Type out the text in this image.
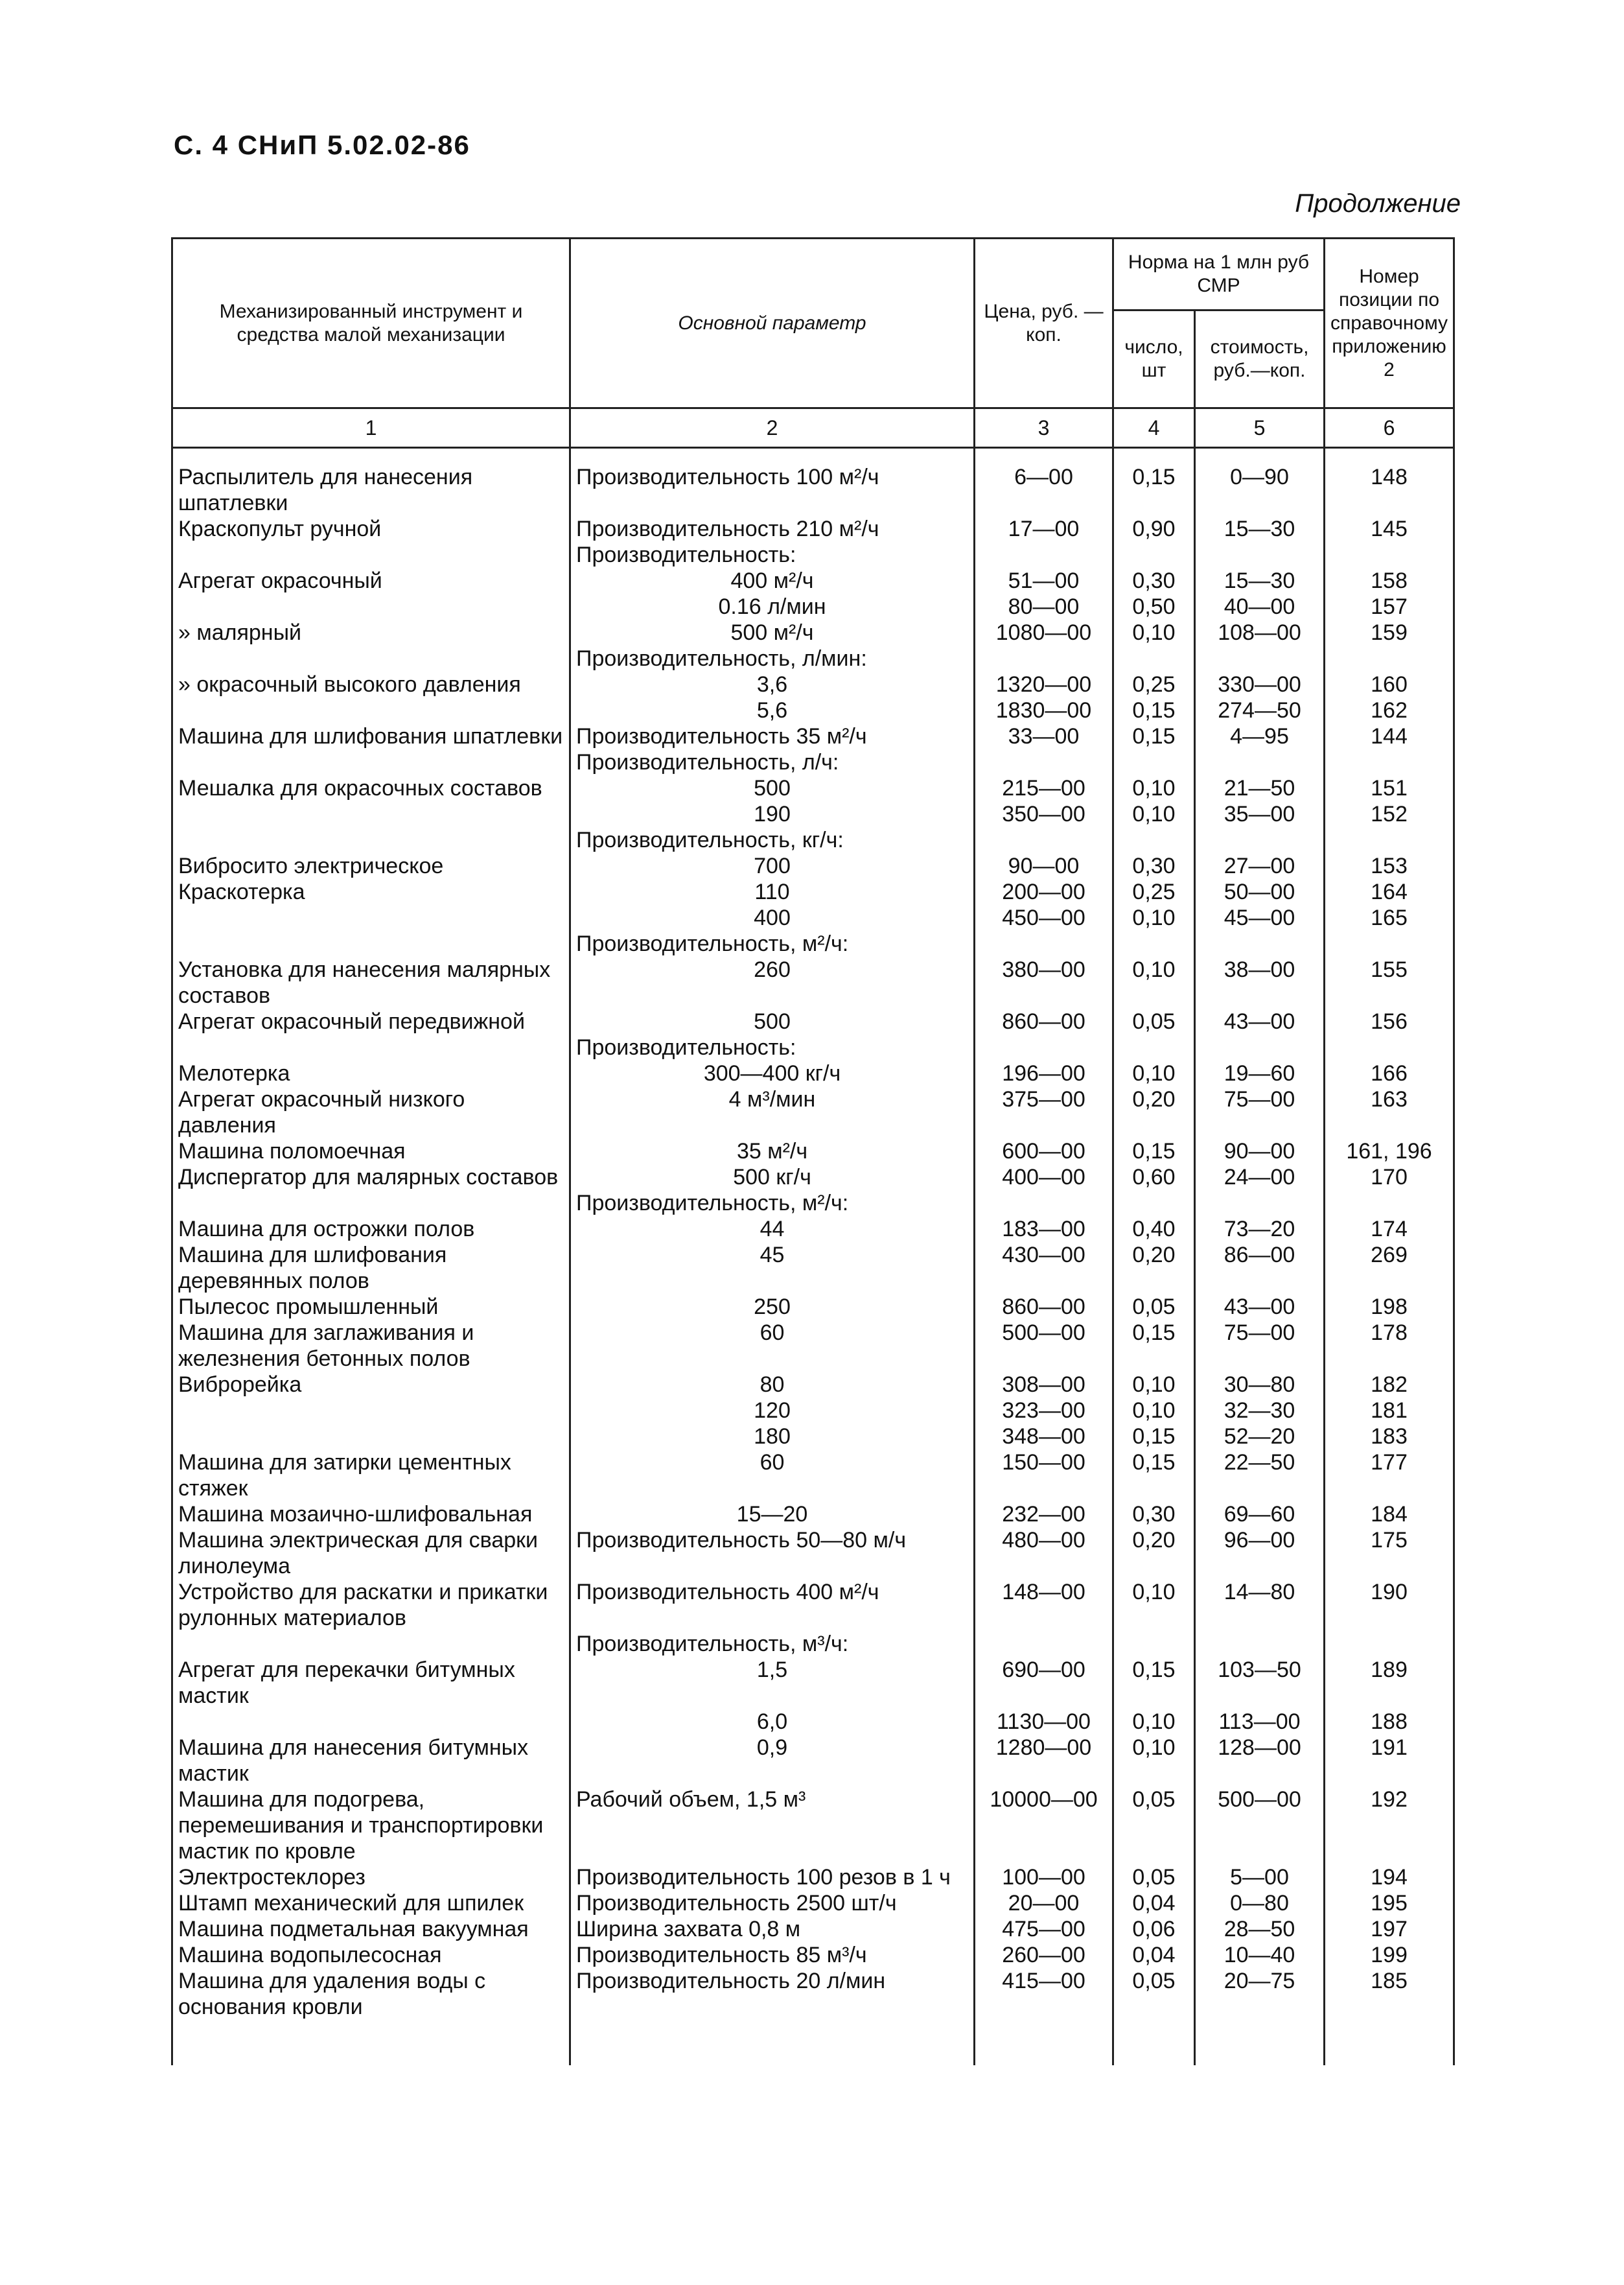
С. 4 СНиП 5.02.02-86
Продолжение
Механизированный инструмент и средства малой механизации	Основной параметр	Цена, руб. — коп.	Норма на 1 млн руб СМР		Номер позиции по справочному приложению 2
			число, шт	стоимость, руб.—коп.	
1	2	3	4	5	6

Распылитель для нанесения шпатлевки	Производительность 100 м²/ч	6—00	0,15	0—90	148
Краскопульт ручной	Производительность 210 м²/ч	17—00	0,90	15—30	145
	Производительность:				
Агрегат окрасочный	400 м²/ч	51—00	0,30	15—30	158
	0.16 л/мин	80—00	0,50	40—00	157
» малярный	500 м²/ч	1080—00	0,10	108—00	159
	Производительность, л/мин:				
» окрасочный высокого давления	3,6	1320—00	0,25	330—00	160
	5,6	1830—00	0,15	274—50	162
Машина для шлифования шпатлевки	Производительность 35 м²/ч	33—00	0,15	4—95	144
	Производительность, л/ч:				
Мешалка для окрасочных составов	500	215—00	0,10	21—50	151
	190	350—00	0,10	35—00	152
	Производительность, кг/ч:				
Вибросито электрическое	700	90—00	0,30	27—00	153
Краскотерка	110	200—00	0,25	50—00	164
	400	450—00	0,10	45—00	165
	Производительность, м²/ч:				
Установка для нанесения малярных составов	260	380—00	0,10	38—00	155
Агрегат окрасочный передвижной	500	860—00	0,05	43—00	156
	Производительность:				
Мелотерка	300—400 кг/ч	196—00	0,10	19—60	166
Агрегат окрасочный низкого давления	4 м³/мин	375—00	0,20	75—00	163
Машина поломоечная	35 м²/ч	600—00	0,15	90—00	161, 196
Диспергатор для малярных составов	500 кг/ч	400—00	0,60	24—00	170
	Производительность, м²/ч:				
Машина для острожки полов	44	183—00	0,40	73—20	174
Машина для шлифования деревянных полов	45	430—00	0,20	86—00	269
Пылесос промышленный	250	860—00	0,05	43—00	198
Машина для заглаживания и железнения бетонных полов	60	500—00	0,15	75—00	178
Виброрейка	80	308—00	0,10	30—80	182
	120	323—00	0,10	32—30	181
	180	348—00	0,15	52—20	183
Машина для затирки цементных стяжек	60	150—00	0,15	22—50	177
Машина мозаично-шлифовальная	15—20	232—00	0,30	69—60	184
Машина электрическая для сварки линолеума	Производительность 50—80 м/ч	480—00	0,20	96—00	175
Устройство для раскатки и прикатки рулонных материалов	Производительность 400 м²/ч	148—00	0,10	14—80	190
	Производительность, м³/ч:				
Агрегат для перекачки битумных мастик	1,5	690—00	0,15	103—50	189
	6,0	1130—00	0,10	113—00	188
Машина для нанесения битумных мастик	0,9	1280—00	0,10	128—00	191
Машина для подогрева, перемешивания и транспортировки мастик по кровле	Рабочий объем, 1,5 м³	10000—00	0,05	500—00	192
Электростеклорез	Производительность 100 резов в 1 ч	100—00	0,05	5—00	194
Штамп механический для шпилек	Производительность 2500 шт/ч	20—00	0,04	0—80	195
Машина подметальная вакуумная	Ширина захвата 0,8 м	475—00	0,06	28—50	197
Машина водопылесосная	Производительность 85 м³/ч	260—00	0,04	10—40	199
Машина для удаления воды с основания кровли	Производительность 20 л/мин	415—00	0,05	20—75	185
